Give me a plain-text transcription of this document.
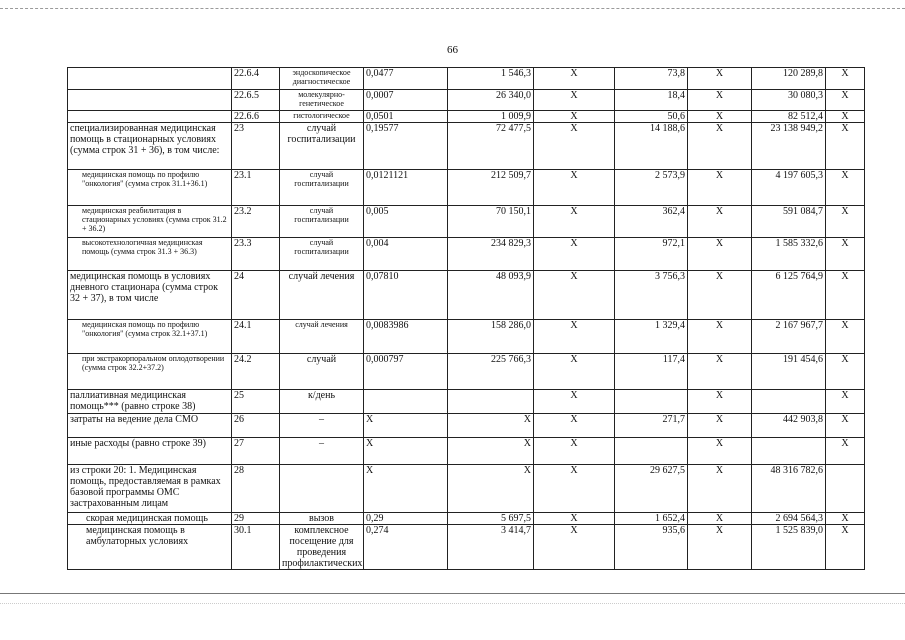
66
	22.6.4	эндоскопическое диагностическое	0,0477	1 546,3	X	73,8	X	120 289,8	X
	22.6.5	молекулярно-генетическое	0,0007	26 340,0	X	18,4	X	30 080,3	X
	22.6.6	гистологическое	0,0501	1 009,9	X	50,6	X	82 512,4	X
специализированная медицинская помощь в стационарных условиях (сумма строк 31 + 36), в том числе:	23	случай госпитализации	0,19577	72 477,5	X	14 188,6	X	23 138 949,2	X
медицинская помощь по профилю "онкология" (сумма строк 31.1+36.1)	23.1	случай госпитализации	0,0121121	212 509,7	X	2 573,9	X	4 197 605,3	X
медицинская реабилитация в стационарных условиях (сумма строк 31.2 + 36.2)	23.2	случай госпитализации	0,005	70 150,1	X	362,4	X	591 084,7	X
высокотехнологичная медицинская помощь (сумма строк 31.3 + 36.3)	23.3	случай госпитализации	0,004	234 829,3	X	972,1	X	1 585 332,6	X
медицинская помощь в условиях дневного стационара (сумма строк 32 + 37), в том числе	24	случай лечения	0,07810	48 093,9	X	3 756,3	X	6 125 764,9	X
медицинская помощь по профилю "онкология" (сумма строк 32.1+37.1)	24.1	случай лечения	0,0083986	158 286,0	X	1 329,4	X	2 167 967,7	X
при экстракорпоральном оплодотворении (сумма строк 32.2+37.2)	24.2	случай	0,000797	225 766,3	X	117,4	X	191 454,6	X
паллиативная медицинская помощь*** (равно строке 38)	25	к/день			X		X		X
затраты на ведение дела СМО	26	–	X	X	X	271,7	X	442 903,8	X
иные расходы (равно строке 39)	27	–	X	X	X		X		X
из строки 20: 1. Медицинская помощь, предоставляемая в рамках базовой программы ОМС застрахованным лицам	28		X	X	X	29 627,5	X	48 316 782,6	
скорая медицинская помощь	29	вызов	0,29	5 697,5	X	1 652,4	X	2 694 564,3	X
медицинская помощь в амбулаторных условиях	30.1	комплексное посещение для проведения профилактических	0,274	3 414,7	X	935,6	X	1 525 839,0	X
